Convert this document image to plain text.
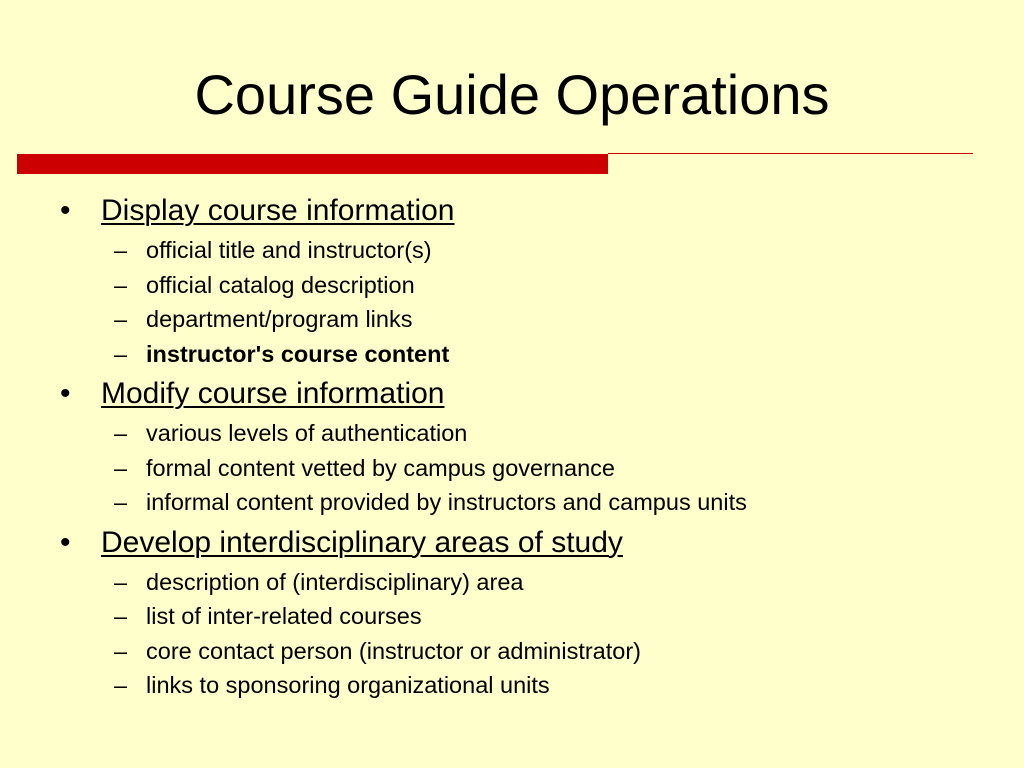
Course Guide Operations
• Display course information
– official title and instructor(s)
– official catalog description
– department/program links
– instructor's course content
• Modify course information
– various levels of authentication
– formal content vetted by campus governance
– informal content provided by instructors and campus units
• Develop interdisciplinary areas of study
– description of (interdisciplinary) area
– list of inter-related courses
– core contact person (instructor or administrator)
– links to sponsoring organizational units
